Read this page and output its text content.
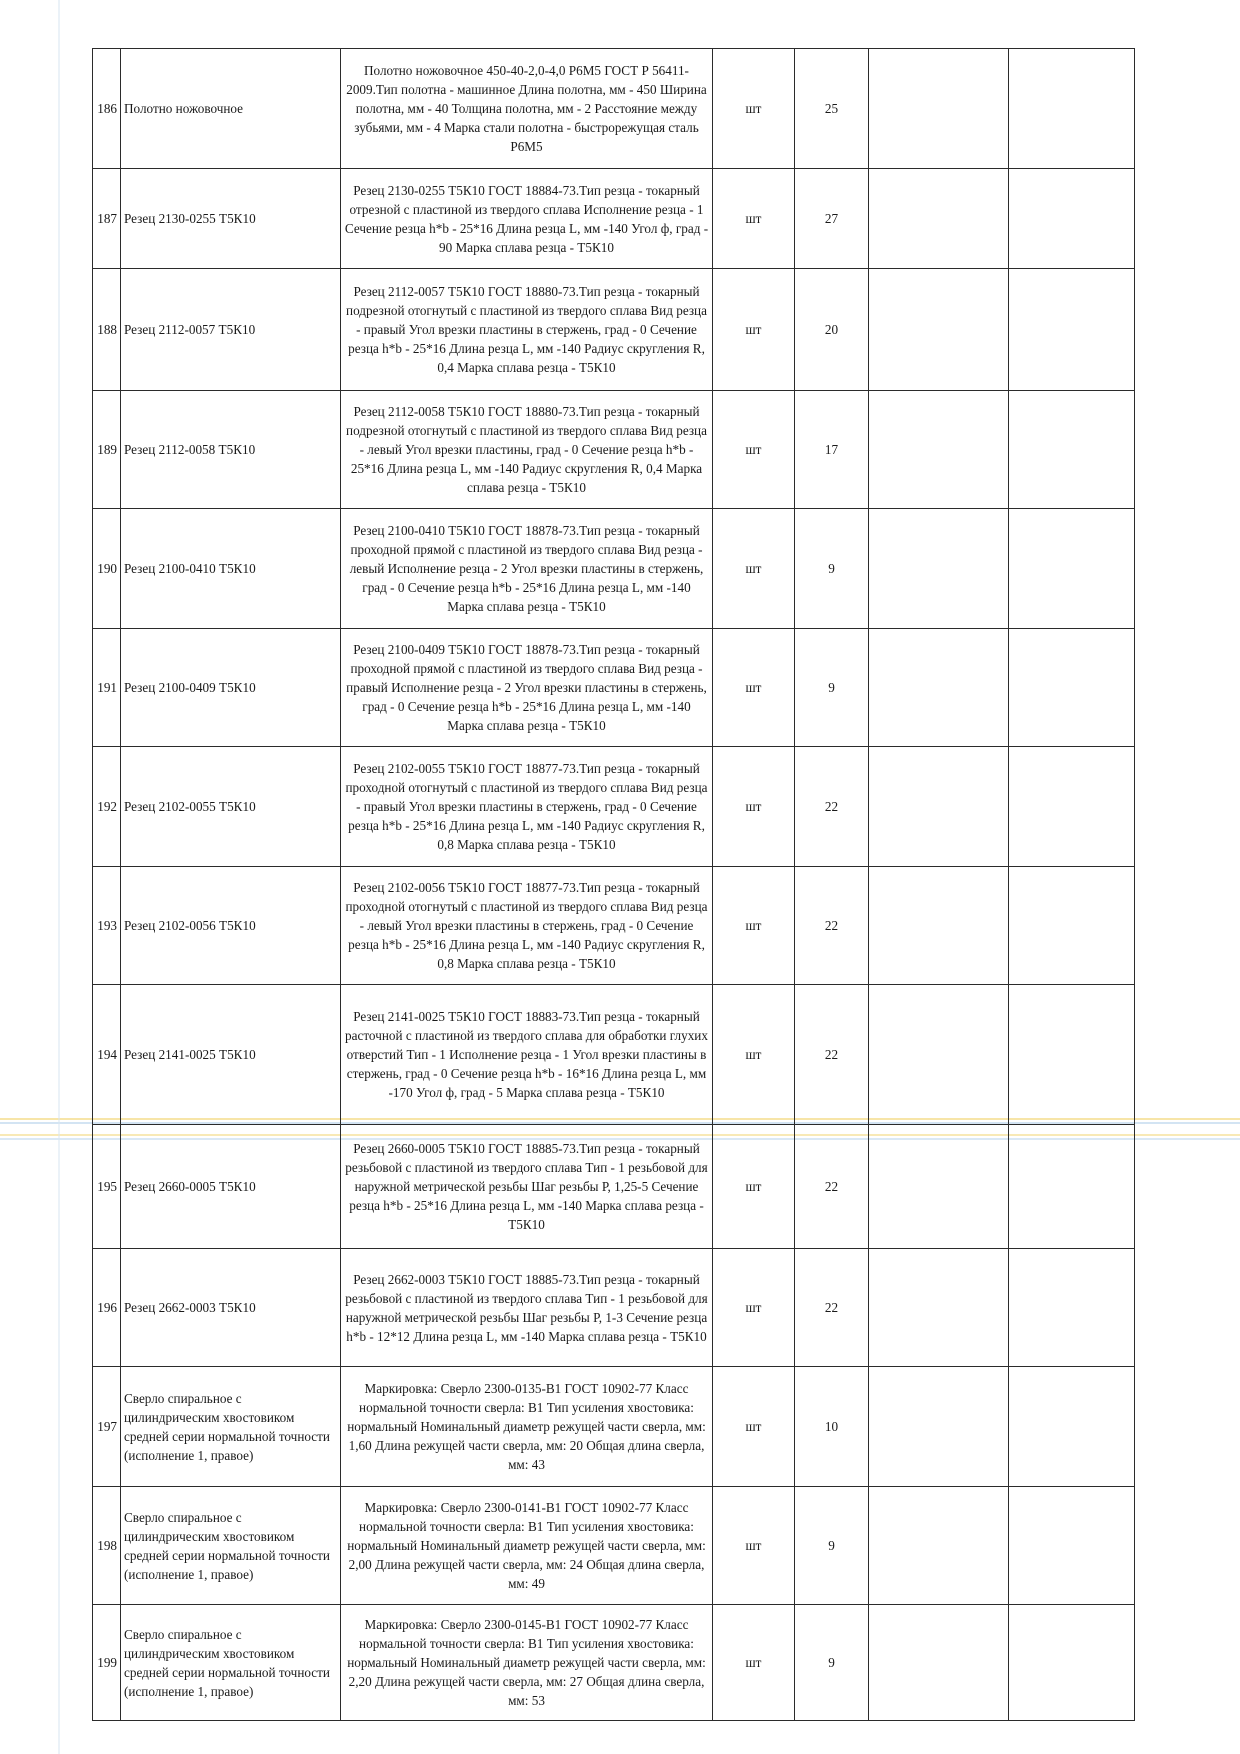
186	Полотно ножовочное	Полотно ножовочное 450-40-2,0-4,0 Р6М5 ГОСТ Р 56411-2009.Тип полотна - машинное Длина полотна, мм - 450 Ширина полотна, мм - 40 Толщина полотна, мм - 2 Расстояние между зубьями, мм - 4 Марка стали полотна - быстрорежущая сталь Р6М5	шт	25		
187	Резец 2130-0255 Т5К10	Резец 2130-0255 Т5К10 ГОСТ 18884-73.Тип резца - токарный отрезной с пластиной из твердого сплава Исполнение резца - 1 Сечение резца h*b - 25*16 Длина резца L, мм -140 Угол ф, град - 90 Марка сплава резца - Т5К10	шт	27		
188	Резец 2112-0057 Т5К10	Резец 2112-0057 Т5К10 ГОСТ 18880-73.Тип резца - токарный подрезной отогнутый с пластиной из твердого сплава Вид резца - правый Угол врезки пластины в стержень, град - 0 Сечение резца h*b - 25*16 Длина резца L, мм -140 Радиус скругления R, 0,4 Марка сплава резца - Т5К10	шт	20		
189	Резец 2112-0058 Т5К10	Резец 2112-0058 Т5К10 ГОСТ 18880-73.Тип резца - токарный подрезной отогнутый с пластиной из твердого сплава Вид резца - левый Угол врезки пластины, град - 0 Сечение резца h*b - 25*16 Длина резца L, мм -140 Радиус скругления R, 0,4 Марка сплава резца - Т5К10	шт	17		
190	Резец 2100-0410 Т5К10	Резец 2100-0410 Т5К10 ГОСТ 18878-73.Тип резца - токарный проходной прямой с пластиной из твердого сплава Вид резца - левый Исполнение резца - 2 Угол врезки пластины в стержень, град - 0 Сечение резца h*b - 25*16 Длина резца L, мм -140 Марка сплава резца - Т5К10	шт	9		
191	Резец 2100-0409 Т5К10	Резец 2100-0409 Т5К10 ГОСТ 18878-73.Тип резца - токарный проходной прямой с пластиной из твердого сплава Вид резца - правый Исполнение резца - 2 Угол врезки пластины в стержень, град - 0 Сечение резца h*b - 25*16 Длина резца L, мм -140 Марка сплава резца - Т5К10	шт	9		
192	Резец 2102-0055 Т5К10	Резец 2102-0055 Т5К10 ГОСТ 18877-73.Тип резца - токарный проходной отогнутый с пластиной из твердого сплава Вид резца - правый Угол врезки пластины в стержень, град - 0 Сечение резца h*b - 25*16 Длина резца L, мм -140 Радиус скругления R, 0,8 Марка сплава резца - Т5К10	шт	22		
193	Резец 2102-0056 Т5К10	Резец 2102-0056 Т5К10 ГОСТ 18877-73.Тип резца - токарный проходной отогнутый с пластиной из твердого сплава Вид резца - левый Угол врезки пластины в стержень, град - 0 Сечение резца h*b - 25*16 Длина резца L, мм -140 Радиус скругления R, 0,8 Марка сплава резца - Т5К10	шт	22		
194	Резец 2141-0025 Т5К10	Резец 2141-0025 Т5К10 ГОСТ 18883-73.Тип резца - токарный расточной с пластиной из твердого сплава для обработки глухих отверстий Тип - 1 Исполнение резца - 1 Угол врезки пластины в стержень, град - 0 Сечение резца h*b - 16*16 Длина резца L, мм -170 Угол ф, град - 5 Марка сплава резца - Т5К10	шт	22		
195	Резец 2660-0005 Т5К10	Резец 2660-0005 Т5К10 ГОСТ 18885-73.Тип резца - токарный резьбовой с пластиной из твердого сплава Тип - 1 резьбовой для наружной метрической резьбы Шаг резьбы Р, 1,25-5 Сечение резца h*b - 25*16 Длина резца L, мм -140 Марка сплава резца - Т5К10	шт	22		
196	Резец 2662-0003 Т5К10	Резец 2662-0003 Т5К10 ГОСТ 18885-73.Тип резца - токарный резьбовой с пластиной из твердого сплава Тип - 1 резьбовой для наружной метрической резьбы Шаг резьбы Р, 1-3 Сечение резца h*b - 12*12 Длина резца L, мм -140 Марка сплава резца - Т5К10	шт	22		
197	Сверло спиральное с цилиндрическим хвостовиком средней серии нормальной точности (исполнение 1, правое)	Маркировка: Сверло 2300-0135-В1 ГОСТ 10902-77 Класс нормальной точности сверла: В1 Тип усиления хвостовика: нормальный Номинальный диаметр режущей части сверла, мм: 1,60 Длина режущей части сверла, мм: 20 Общая длина сверла, мм: 43	шт	10		
198	Сверло спиральное с цилиндрическим хвостовиком средней серии нормальной точности (исполнение 1, правое)	Маркировка: Сверло 2300-0141-В1 ГОСТ 10902-77 Класс нормальной точности сверла: В1 Тип усиления хвостовика: нормальный Номинальный диаметр режущей части сверла, мм: 2,00 Длина режущей части сверла, мм: 24 Общая длина сверла, мм: 49	шт	9		
199	Сверло спиральное с цилиндрическим хвостовиком средней серии нормальной точности (исполнение 1, правое)	Маркировка: Сверло 2300-0145-В1 ГОСТ 10902-77 Класс нормальной точности сверла: В1 Тип усиления хвостовика: нормальный Номинальный диаметр режущей части сверла, мм: 2,20 Длина режущей части сверла, мм: 27 Общая длина сверла, мм: 53	шт	9		
